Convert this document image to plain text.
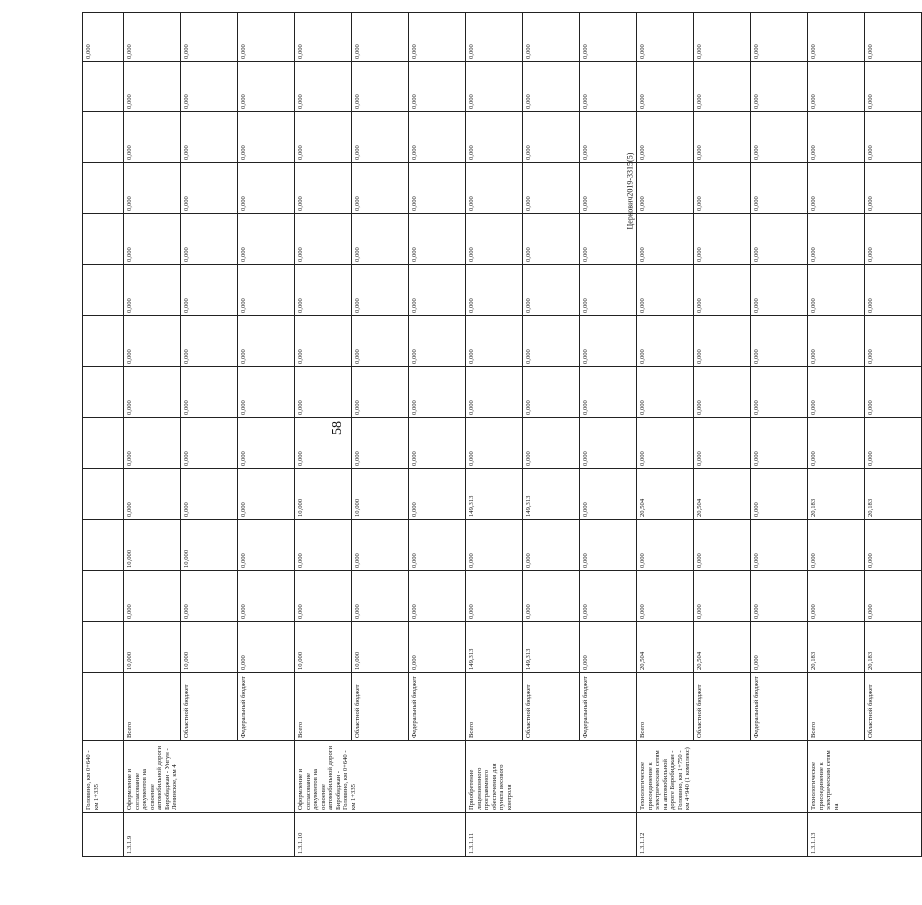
58
Церкович2019-3315(5)
	Головино, км 0+640 - км 1+335														0,000
1.3.1.9	Оформление и согласование документов на освоение автомобильной дороги Биробиджан - Унгун - Ленинское, км 4	Всего	10,000	0,000	10,000	0,000	0,000	0,000	0,000	0,000	0,000	0,000	0,000	0,000	0,000
		Областной бюджет	10,000	0,000	10,000	0,000	0,000	0,000	0,000	0,000	0,000	0,000	0,000	0,000	0,000
		Федеральный бюджет	0,000	0,000	0,000	0,000	0,000	0,000	0,000	0,000	0,000	0,000	0,000	0,000	0,000
1.3.1.10	Оформление и согласование документов на освоение автомобильной дороги Биробиджан - Головино, км 0+640 - км 1+335	Всего	10,000	0,000	0,000	10,000	0,000	0,000	0,000	0,000	0,000	0,000	0,000	0,000	0,000
		Областной бюджет	10,000	0,000	0,000	10,000	0,000	0,000	0,000	0,000	0,000	0,000	0,000	0,000	0,000
		Федеральный бюджет	0,000	0,000	0,000	0,000	0,000	0,000	0,000	0,000	0,000	0,000	0,000	0,000	0,000
1.3.1.11	Приобретение лицензионного программного обеспечения для пункта весового контроля	Всего	149,313	0,000	0,000	149,313	0,000	0,000	0,000	0,000	0,000	0,000	0,000	0,000	0,000
		Областной бюджет	149,313	0,000	0,000	149,313	0,000	0,000	0,000	0,000	0,000	0,000	0,000	0,000	0,000
		Федеральный бюджет	0,000	0,000	0,000	0,000	0,000	0,000	0,000	0,000	0,000	0,000	0,000	0,000	0,000
1.3.1.12	Технологическое присоединение к электрическим сетям на автомобильной дороге Биробиджан - Головино, км 1+750 - км 4+940 (1 комплекс)	Всего	20,504	0,000	0,000	20,504	0,000	0,000	0,000	0,000	0,000	0,000	0,000	0,000	0,000
		Областной бюджет	20,504	0,000	0,000	20,504	0,000	0,000	0,000	0,000	0,000	0,000	0,000	0,000	0,000
		Федеральный бюджет	0,000	0,000	0,000	0,000	0,000	0,000	0,000	0,000	0,000	0,000	0,000	0,000	0,000
1.3.1.13	Технологическое присоединение к электрическим сетям на	Всего	20,183	0,000	0,000	20,183	0,000	0,000	0,000	0,000	0,000	0,000	0,000	0,000	0,000
		Областной бюджет	20,183	0,000	0,000	20,183	0,000	0,000	0,000	0,000	0,000	0,000	0,000	0,000	0,000
